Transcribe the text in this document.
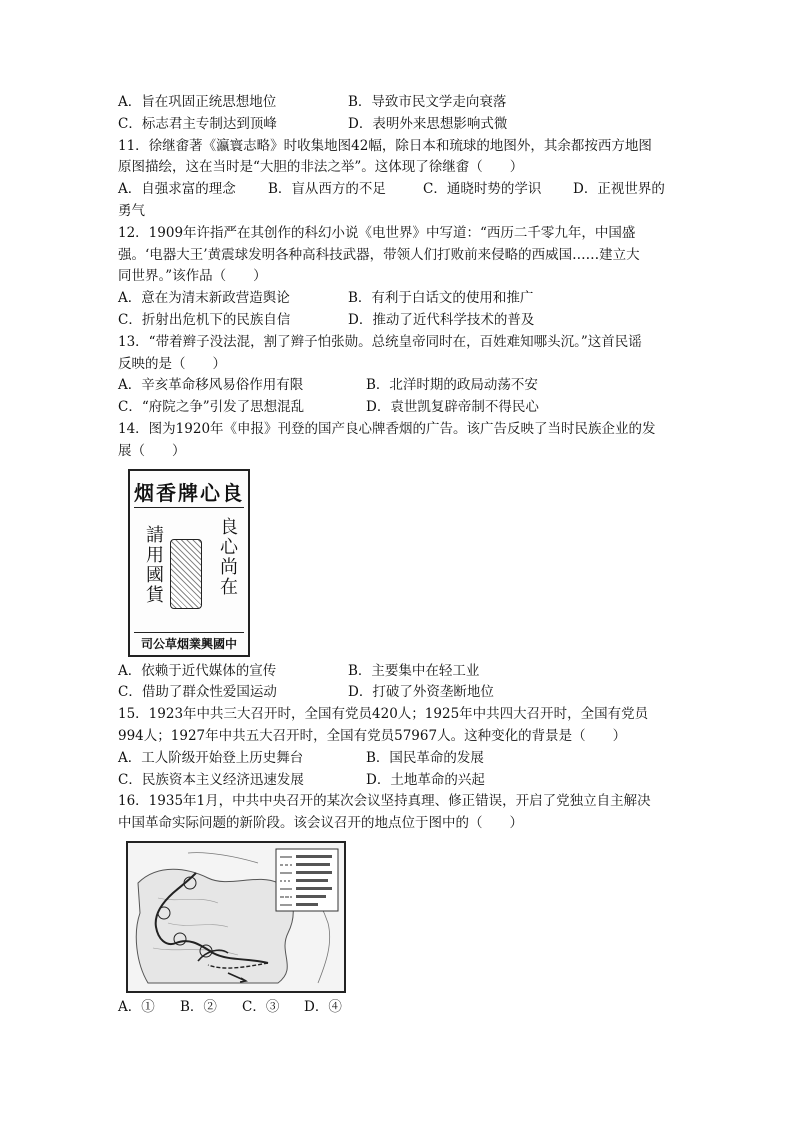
A．旨在巩固正统思想地位	B．导致市民文学走向衰落
C．标志君主专制达到顶峰	D．表明外来思想影响式微
11．徐继畬著《瀛寰志略》时收集地图42幅，除日本和琉球的地图外，其余都按西方地图
原图描绘，这在当时是“大胆的非法之举”。这体现了徐继畬（　　）
A．自强求富的理念	B．盲从西方的不足	C．通晓时势的学识	D．正视世界的
勇气
12．1909年许指严在其创作的科幻小说《电世界》中写道：“西历二千零九年，中国盛
强。‘电器大王’黄震球发明各种高科技武器，带领人们打败前来侵略的西威国……建立大
同世界。”该作品（　　）
A．意在为清末新政营造舆论	B．有利于白话文的使用和推广
C．折射出危机下的民族自信	D．推动了近代科学技术的普及
13．“带着辫子没法混，割了辫子怕张勋。总统皇帝同时在，百姓难知哪头沉。”这首民谣
反映的是（　　）
A．辛亥革命移风易俗作用有限	B．北洋时期的政局动荡不安
C．“府院之争”引发了思想混乱	D．袁世凯复辟帝制不得民心
14．图为1920年《申报》刊登的国产良心牌香烟的广告。该广告反映了当时民族企业的发
展（　　）
烟香牌心良
良心尚在
請用國貨
司公草烟業興國中
A．依赖于近代媒体的宣传	B．主要集中在轻工业
C．借助了群众性爱国运动	D．打破了外资垄断地位
15．1923年中共三大召开时，全国有党员420人；1925年中共四大召开时，全国有党员
994人；1927年中共五大召开时，全国有党员57967人。这种变化的背景是（　　）
A．工人阶级开始登上历史舞台	B．国民革命的发展
C．民族资本主义经济迅速发展	D．土地革命的兴起
16．1935年1月，中共中央召开的某次会议坚持真理、修正错误，开启了党独立自主解决
中国革命实际问题的新阶段。该会议召开的地点位于图中的（　　）
A．①	B．②	C．③	D．④
